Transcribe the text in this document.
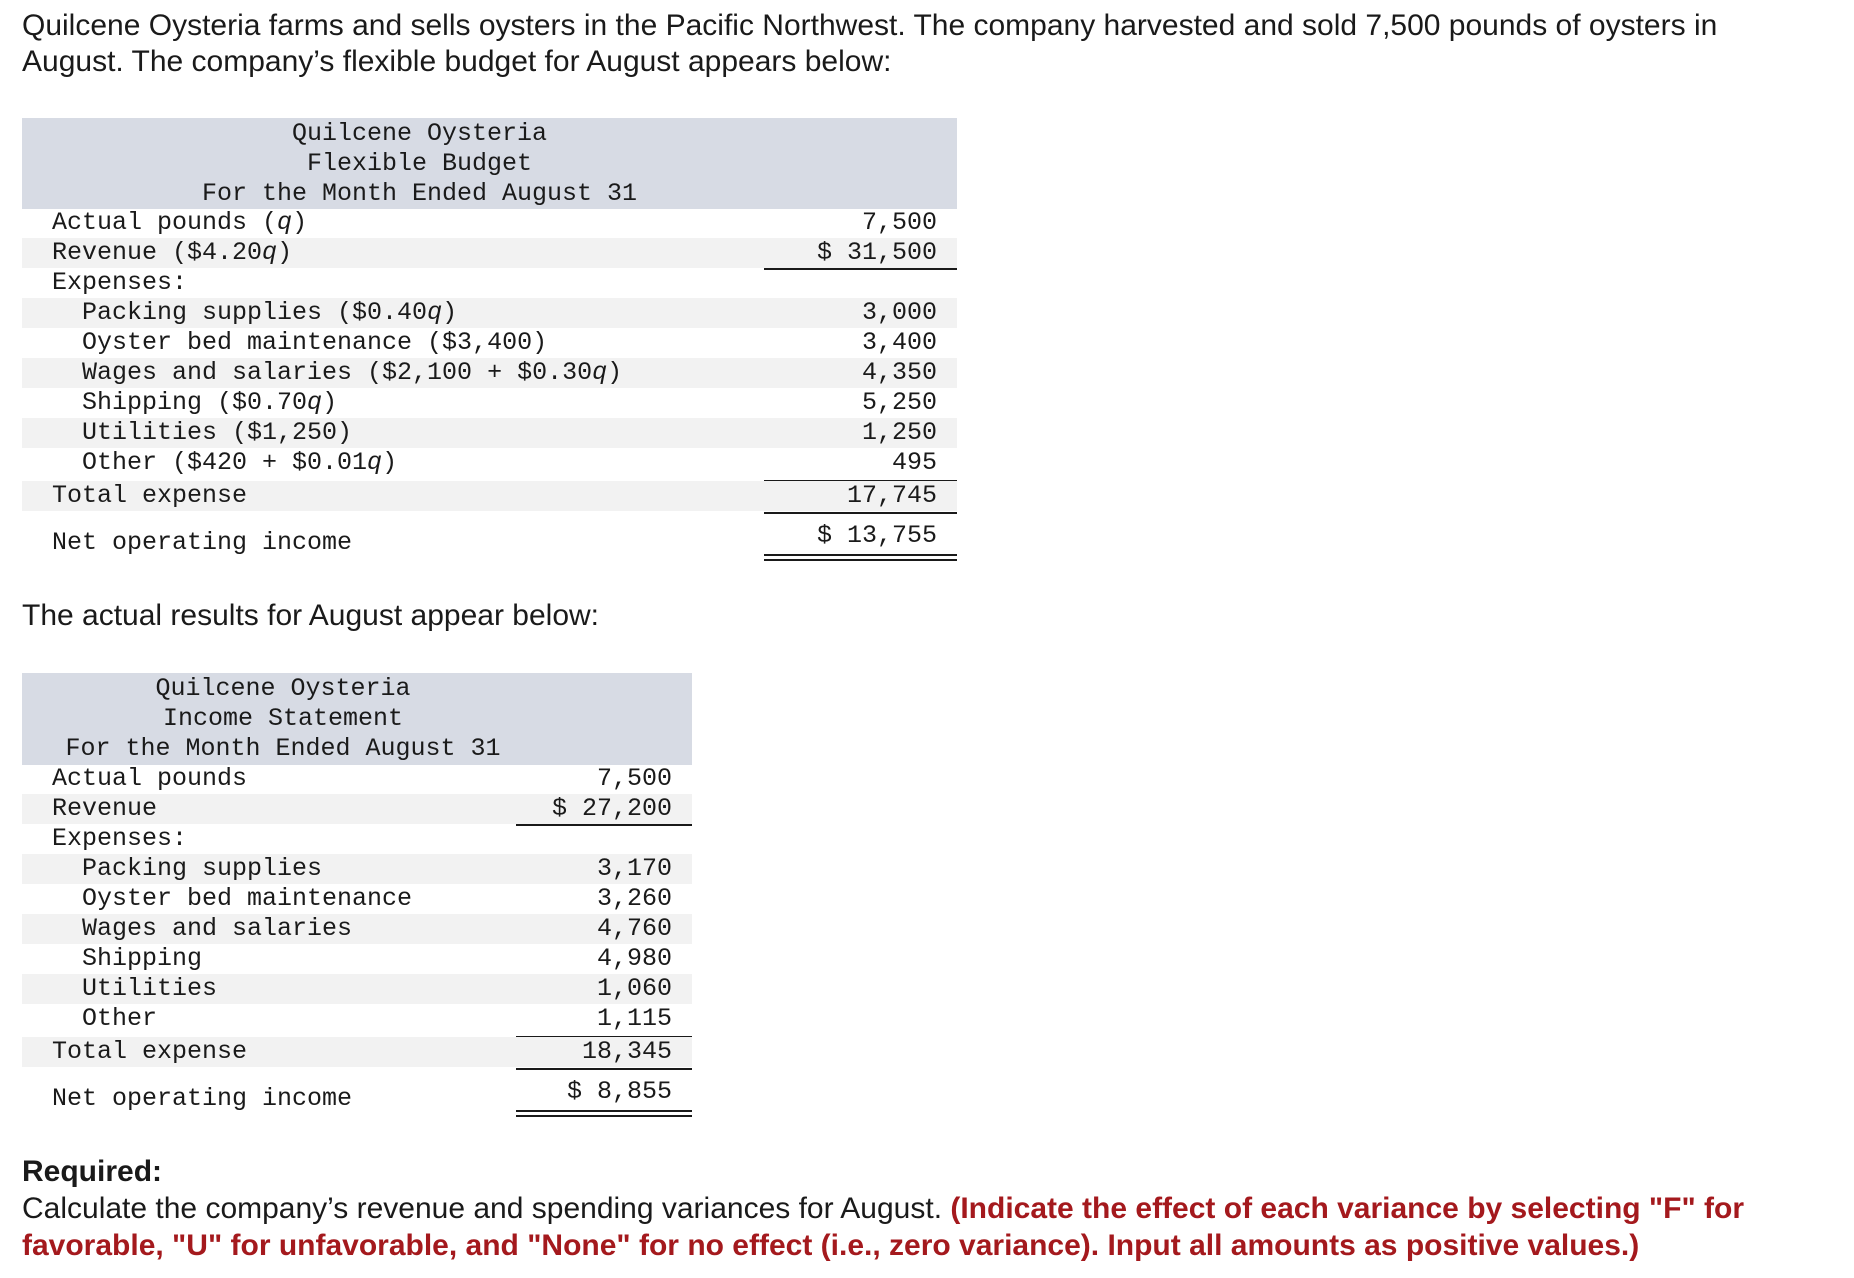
Quilcene Oysteria farms and sells oysters in the Pacific Northwest. The company harvested and sold 7,500 pounds of oysters in August. The company’s flexible budget for August appears below:

Quilcene Oysteria
Flexible Budget
For the Month Ended August 31
Actual pounds (q)	7,500
Revenue ($4.20q)	$ 31,500
Expenses:
Packing supplies ($0.40q)	3,000
Oyster bed maintenance ($3,400)	3,400
Wages and salaries ($2,100 + $0.30q)	4,350
Shipping ($0.70q)	5,250
Utilities ($1,250)	1,250
Other ($420 + $0.01q)	495
Total expense	17,745
Net operating income	$ 13,755

The actual results for August appear below:

Quilcene Oysteria
Income Statement
For the Month Ended August 31
Actual pounds	7,500
Revenue	$ 27,200
Expenses:
Packing supplies	3,170
Oyster bed maintenance	3,260
Wages and salaries	4,760
Shipping	4,980
Utilities	1,060
Other	1,115
Total expense	18,345
Net operating income	$ 8,855
Required:
Calculate the company’s revenue and spending variances for August. (Indicate the effect of each variance by selecting "F" for favorable, "U" for unfavorable, and "None" for no effect (i.e., zero variance). Input all amounts as positive values.)
